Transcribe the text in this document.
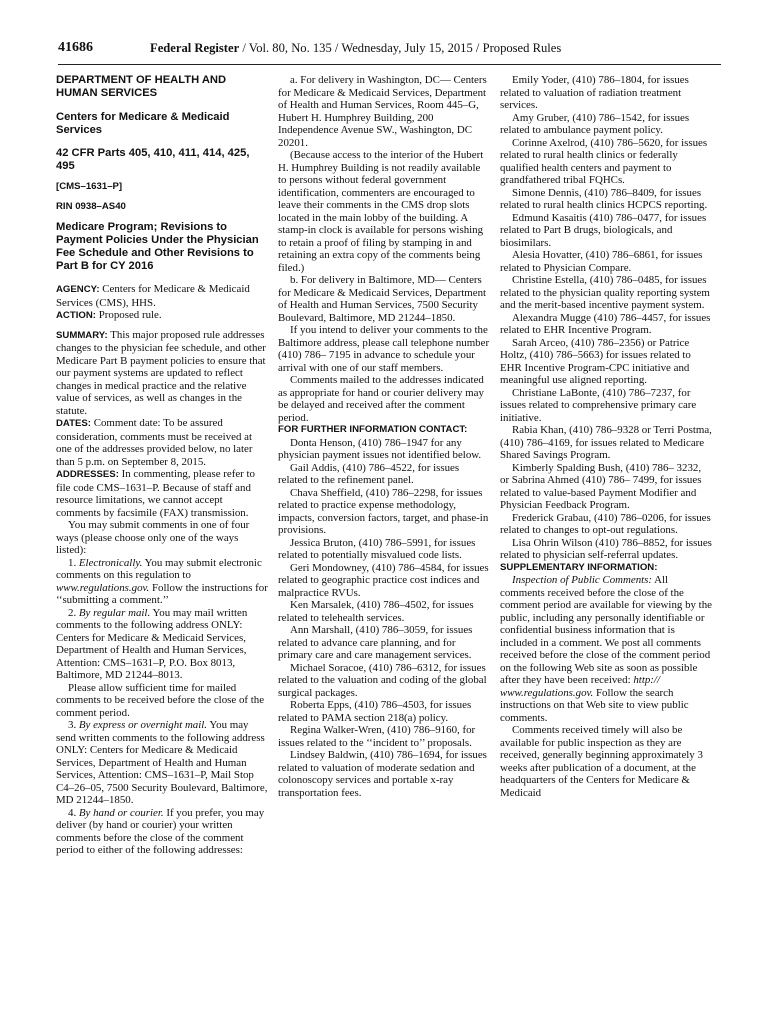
41686	Federal Register / Vol. 80, No. 135 / Wednesday, July 15, 2015 / Proposed Rules
DEPARTMENT OF HEALTH AND HUMAN SERVICES
Centers for Medicare & Medicaid Services
42 CFR Parts 405, 410, 411, 414, 425, 495
[CMS–1631–P]
RIN 0938–AS40
Medicare Program; Revisions to Payment Policies Under the Physician Fee Schedule and Other Revisions to Part B for CY 2016

AGENCY: Centers for Medicare & Medicaid Services (CMS), HHS.

ACTION: Proposed rule.

SUMMARY: This major proposed rule addresses changes to the physician fee schedule, and other Medicare Part B payment policies to ensure that our payment systems are updated to reflect changes in medical practice and the relative value of services, as well as changes in the statute.

DATES: Comment date: To be assured consideration, comments must be received at one of the addresses provided below, no later than 5 p.m. on September 8, 2015.

ADDRESSES: In commenting, please refer to file code CMS–1631–P. Because of staff and resource limitations, we cannot accept comments by facsimile (FAX) transmission.

You may submit comments in one of four ways (please choose only one of the ways listed):

1. Electronically. You may submit electronic comments on this regulation to www.regulations.gov. Follow the instructions for ‘‘submitting a comment.’’

2. By regular mail. You may mail written comments to the following address ONLY: Centers for Medicare & Medicaid Services, Department of Health and Human Services, Attention: CMS–1631–P, P.O. Box 8013, Baltimore, MD 21244–8013.

Please allow sufficient time for mailed comments to be received before the close of the comment period.

3. By express or overnight mail. You may send written comments to the following address ONLY: Centers for Medicare & Medicaid Services, Department of Health and Human Services, Attention: CMS–1631–P, Mail Stop C4–26–05, 7500 Security Boulevard, Baltimore, MD 21244–1850.

4. By hand or courier. If you prefer, you may deliver (by hand or courier) your written comments before the close of the comment period to either of the following addresses:

a. For delivery in Washington, DC— Centers for Medicare & Medicaid Services, Department of Health and Human Services, Room 445–G, Hubert H. Humphrey Building, 200 Independence Avenue SW., Washington, DC 20201.

(Because access to the interior of the Hubert H. Humphrey Building is not readily available to persons without federal government identification, commenters are encouraged to leave their comments in the CMS drop slots located in the main lobby of the building. A stamp-in clock is available for persons wishing to retain a proof of filing by stamping in and retaining an extra copy of the comments being filed.)

b. For delivery in Baltimore, MD— Centers for Medicare & Medicaid Services, Department of Health and Human Services, 7500 Security Boulevard, Baltimore, MD 21244–1850.

If you intend to deliver your comments to the Baltimore address, please call telephone number (410) 786– 7195 in advance to schedule your arrival with one of our staff members.

Comments mailed to the addresses indicated as appropriate for hand or courier delivery may be delayed and received after the comment period.

FOR FURTHER INFORMATION CONTACT:

Donta Henson, (410) 786–1947 for any physician payment issues not identified below.

Gail Addis, (410) 786–4522, for issues related to the refinement panel.

Chava Sheffield, (410) 786–2298, for issues related to practice expense methodology, impacts, conversion factors, target, and phase-in provisions.

Jessica Bruton, (410) 786–5991, for issues related to potentially misvalued code lists.

Geri Mondowney, (410) 786–4584, for issues related to geographic practice cost indices and malpractice RVUs.

Ken Marsalek, (410) 786–4502, for issues related to telehealth services.

Ann Marshall, (410) 786–3059, for issues related to advance care planning, and for primary care and care management services.

Michael Soracoe, (410) 786–6312, for issues related to the valuation and coding of the global surgical packages.

Roberta Epps, (410) 786–4503, for issues related to PAMA section 218(a) policy.

Regina Walker-Wren, (410) 786–9160, for issues related to the ‘‘incident to’’ proposals.

Lindsey Baldwin, (410) 786–1694, for issues related to valuation of moderate sedation and colonoscopy services and portable x-ray transportation fees.

Emily Yoder, (410) 786–1804, for issues related to valuation of radiation treatment services.

Amy Gruber, (410) 786–1542, for issues related to ambulance payment policy.

Corinne Axelrod, (410) 786–5620, for issues related to rural health clinics or federally qualified health centers and payment to grandfathered tribal FQHCs.

Simone Dennis, (410) 786–8409, for issues related to rural health clinics HCPCS reporting.

Edmund Kasaitis (410) 786–0477, for issues related to Part B drugs, biologicals, and biosimilars.

Alesia Hovatter, (410) 786–6861, for issues related to Physician Compare.

Christine Estella, (410) 786–0485, for issues related to the physician quality reporting system and the merit-based incentive payment system.

Alexandra Mugge (410) 786–4457, for issues related to EHR Incentive Program.

Sarah Arceo, (410) 786–2356) or Patrice Holtz, (410) 786–5663) for issues related to EHR Incentive Program-CPC initiative and meaningful use aligned reporting.

Christiane LaBonte, (410) 786–7237, for issues related to comprehensive primary care initiative.

Rabia Khan, (410) 786–9328 or Terri Postma, (410) 786–4169, for issues related to Medicare Shared Savings Program.

Kimberly Spalding Bush, (410) 786– 3232, or Sabrina Ahmed (410) 786– 7499, for issues related to value-based Payment Modifier and Physician Feedback Program.

Frederick Grabau, (410) 786–0206, for issues related to changes to opt-out regulations.

Lisa Ohrin Wilson (410) 786–8852, for issues related to physician self-referral updates.

SUPPLEMENTARY INFORMATION:

Inspection of Public Comments: All comments received before the close of the comment period are available for viewing by the public, including any personally identifiable or confidential business information that is included in a comment. We post all comments received before the close of the comment period on the following Web site as soon as possible after they have been received: http:// www.regulations.gov. Follow the search instructions on that Web site to view public comments.

Comments received timely will also be available for public inspection as they are received, generally beginning approximately 3 weeks after publication of a document, at the headquarters of the Centers for Medicare & Medicaid
